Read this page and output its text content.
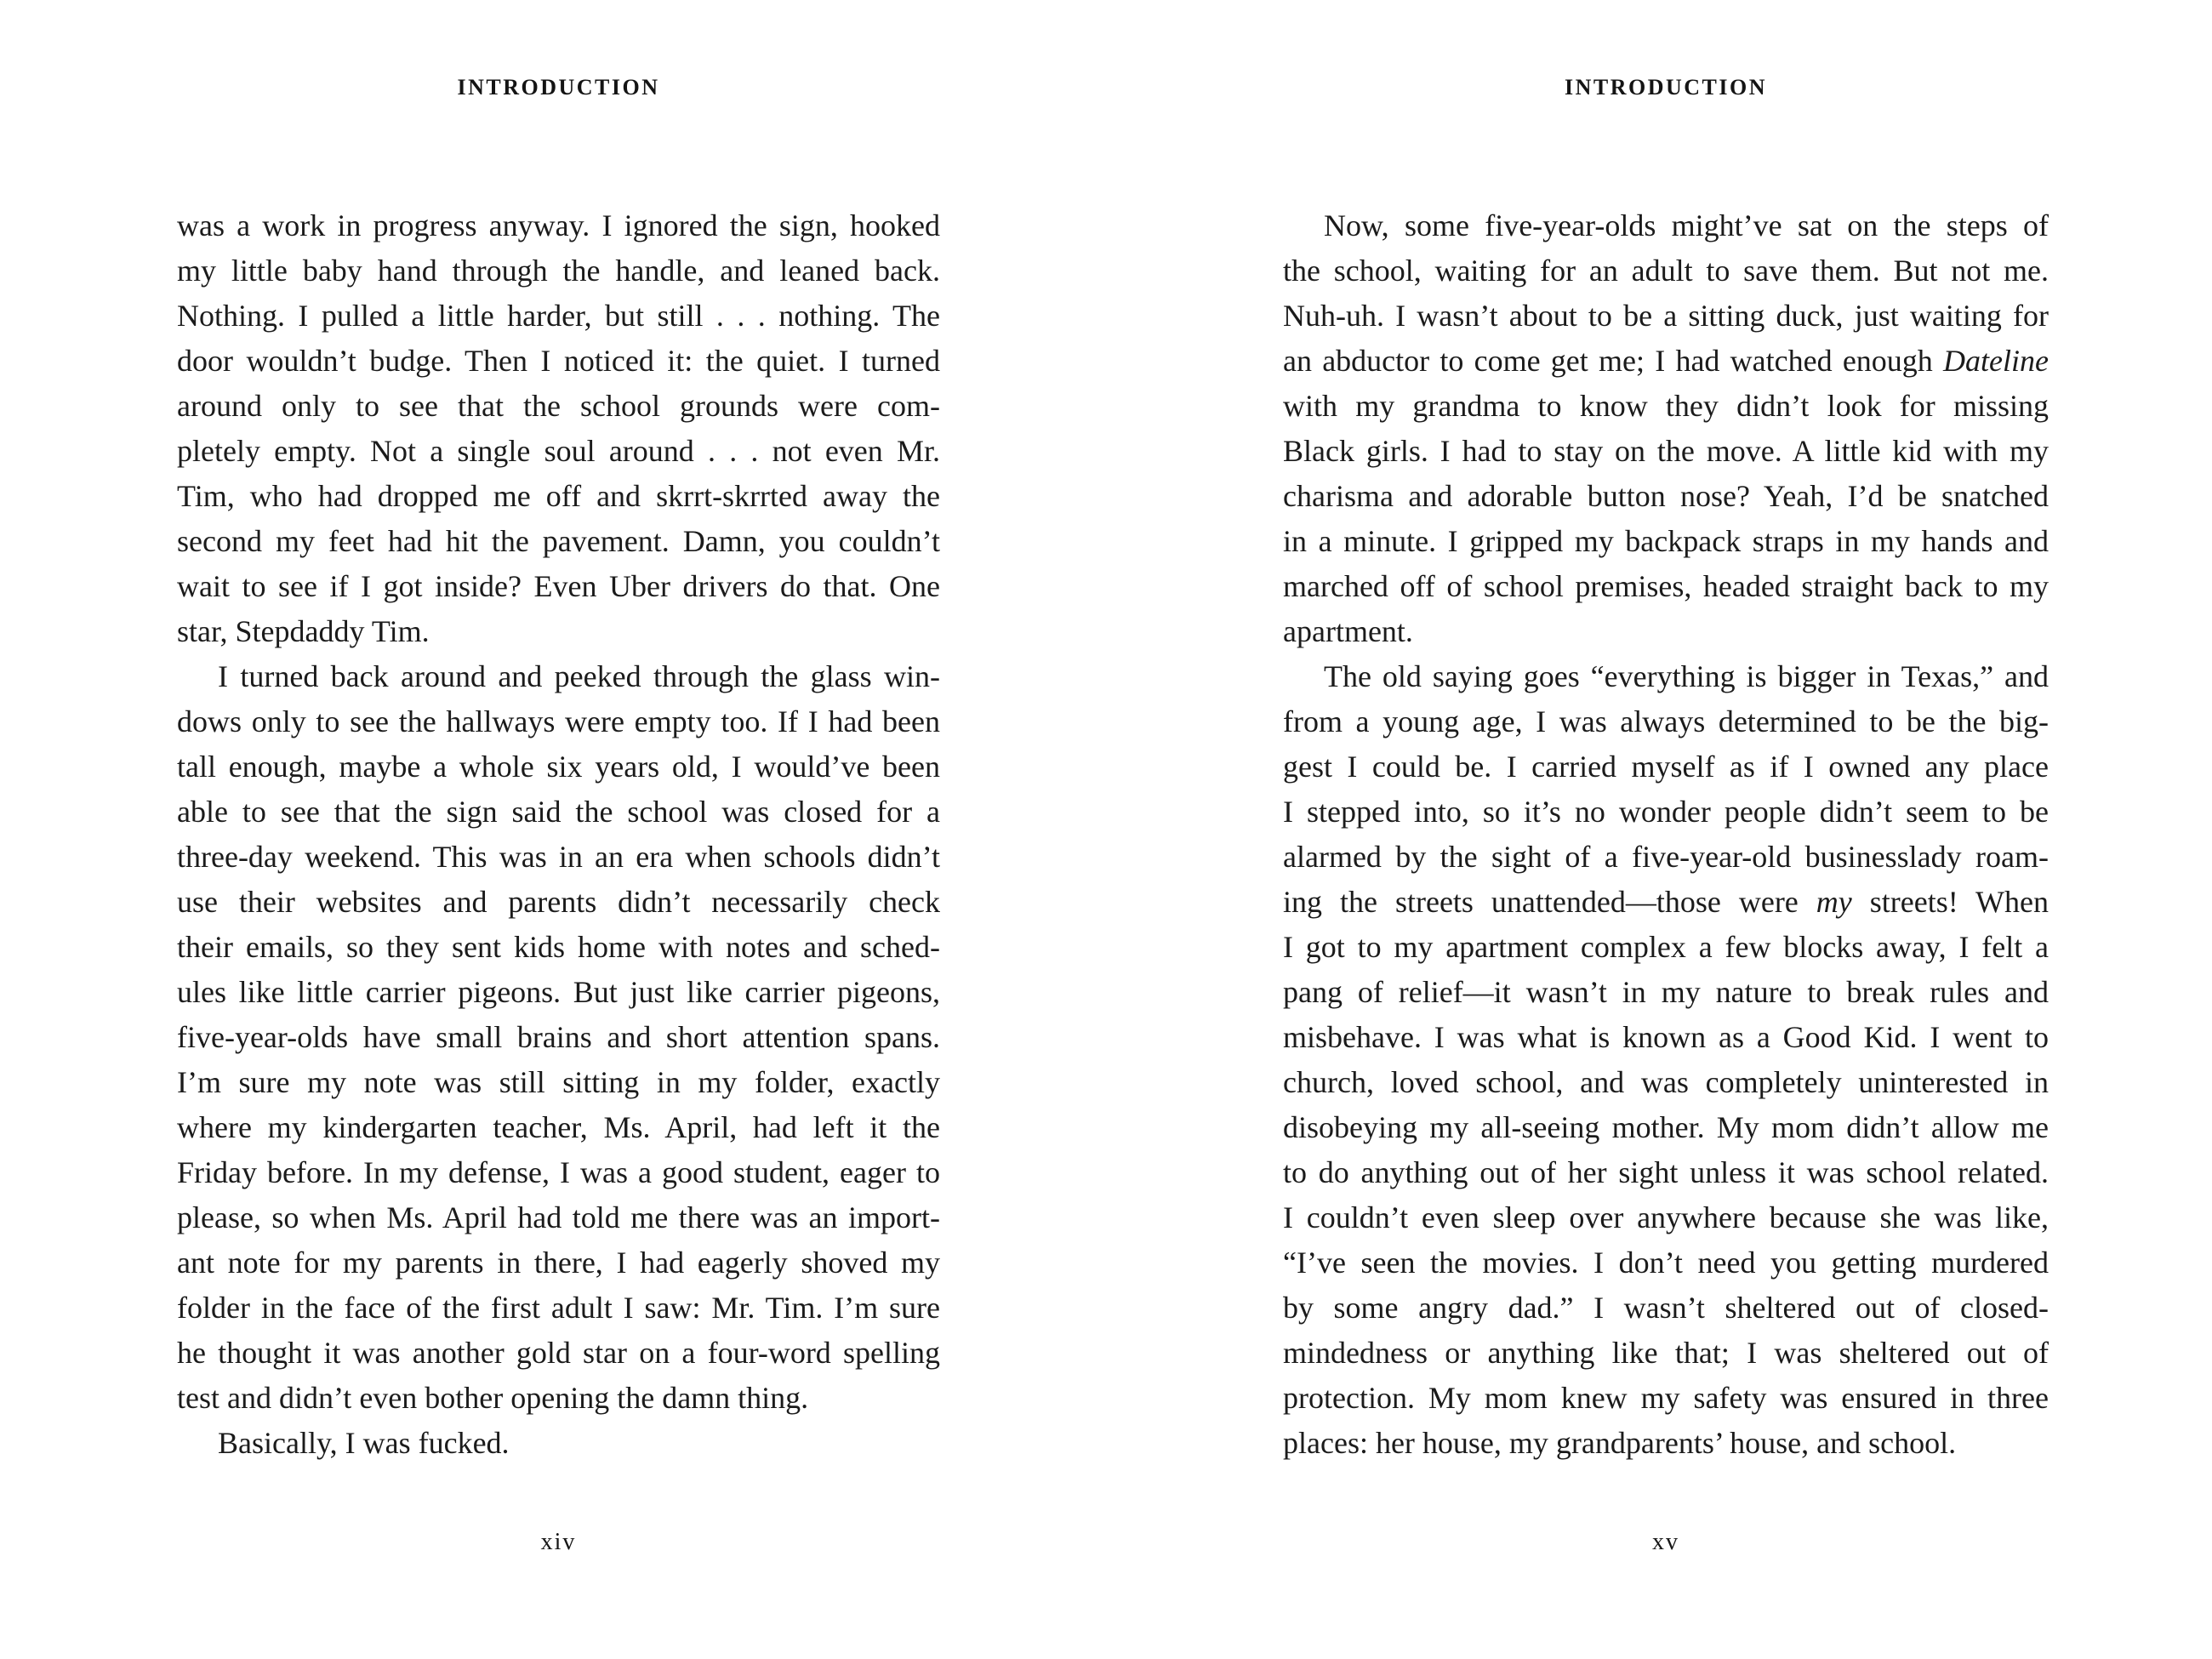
INTRODUCTION
was a work in progress anyway. I ignored the sign, hooked
my little baby hand through the handle, and leaned back.
Nothing. I pulled a little harder, but still . . . nothing. The
door wouldn’t budge. Then I noticed it: the quiet. I turned
around only to see that the school grounds were com-
pletely empty. Not a single soul around . . . not even Mr.
Tim, who had dropped me off and skrrt-skrrted away the
second my feet had hit the pavement. Damn, you couldn’t
wait to see if I got inside? Even Uber drivers do that. One
star, Stepdaddy Tim.
I turned back around and peeked through the glass win-
dows only to see the hallways were empty too. If I had been
tall enough, maybe a whole six years old, I would’ve been
able to see that the sign said the school was closed for a
three-day weekend. This was in an era when schools didn’t
use their websites and parents didn’t necessarily check
their emails, so they sent kids home with notes and sched-
ules like little carrier pigeons. But just like carrier pigeons,
five-year-olds have small brains and short attention spans.
I’m sure my note was still sitting in my folder, exactly
where my kindergarten teacher, Ms. April, had left it the
Friday before. In my defense, I was a good student, eager to
please, so when Ms. April had told me there was an import-
ant note for my parents in there, I had eagerly shoved my
folder in the face of the first adult I saw: Mr. Tim. I’m sure
he thought it was another gold star on a four-word spelling
test and didn’t even bother opening the damn thing.
Basically, I was fucked.
xiv
INTRODUCTION
Now, some five-year-olds might’ve sat on the steps of
the school, waiting for an adult to save them. But not me.
Nuh-uh. I wasn’t about to be a sitting duck, just waiting for
an abductor to come get me; I had watched enough Dateline
with my grandma to know they didn’t look for missing
Black girls. I had to stay on the move. A little kid with my
charisma and adorable button nose? Yeah, I’d be snatched
in a minute. I gripped my backpack straps in my hands and
marched off of school premises, headed straight back to my
apartment.
The old saying goes “everything is bigger in Texas,” and
from a young age, I was always determined to be the big-
gest I could be. I carried myself as if I owned any place
I stepped into, so it’s no wonder people didn’t seem to be
alarmed by the sight of a five-year-old businesslady roam-
ing the streets unattended—those were my streets! When
I got to my apartment complex a few blocks away, I felt a
pang of relief—it wasn’t in my nature to break rules and
misbehave. I was what is known as a Good Kid. I went to
church, loved school, and was completely uninterested in
disobeying my all-seeing mother. My mom didn’t allow me
to do anything out of her sight unless it was school related.
I couldn’t even sleep over anywhere because she was like,
“I’ve seen the movies. I don’t need you getting murdered
by some angry dad.” I wasn’t sheltered out of closed-
mindedness or anything like that; I was sheltered out of
protection. My mom knew my safety was ensured in three
places: her house, my grandparents’ house, and school.
xv
